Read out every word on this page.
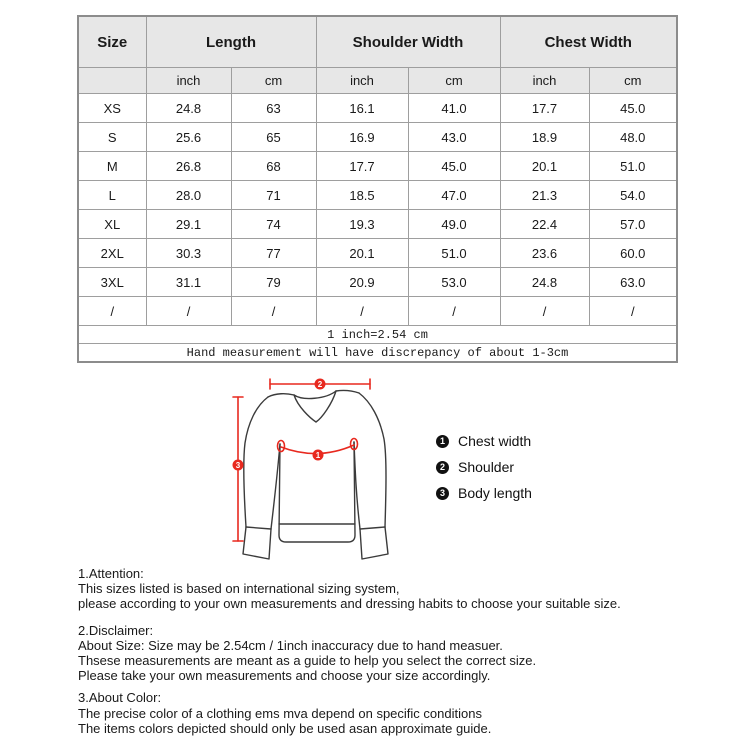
Size	Length		Shoulder Width		Chest Width	
	inch	cm	inch	cm	inch	cm
XS	24.8	63	16.1	41.0	17.7	45.0
S	25.6	65	16.9	43.0	18.9	48.0
M	26.8	68	17.7	45.0	20.1	51.0
L	28.0	71	18.5	47.0	21.3	54.0
XL	29.1	74	19.3	49.0	22.4	57.0
2XL	30.3	77	20.1	51.0	23.6	60.0
3XL	31.1	79	20.9	53.0	24.8	63.0
/	/	/	/	/	/	/
1 inch=2.54 cm						
Hand measurement will have discrepancy of about 1-3cm						
2
3
1
1 Chest width
2 Shoulder
3 Body length
1.Attention:
This sizes listed is based on international sizing system,
please according to your own measurements and dressing habits to choose your suitable size.
2.Disclaimer:
About Size: Size may be 2.54cm / 1inch inaccuracy due to hand measuer.
Thsese measurements are meant as a guide to help you select the correct size.
Please take your own measurements and choose your size accordingly.
3.About Color:
The precise color of a clothing ems mva depend on specific conditions
The items colors depicted should only be used asan approximate guide.
